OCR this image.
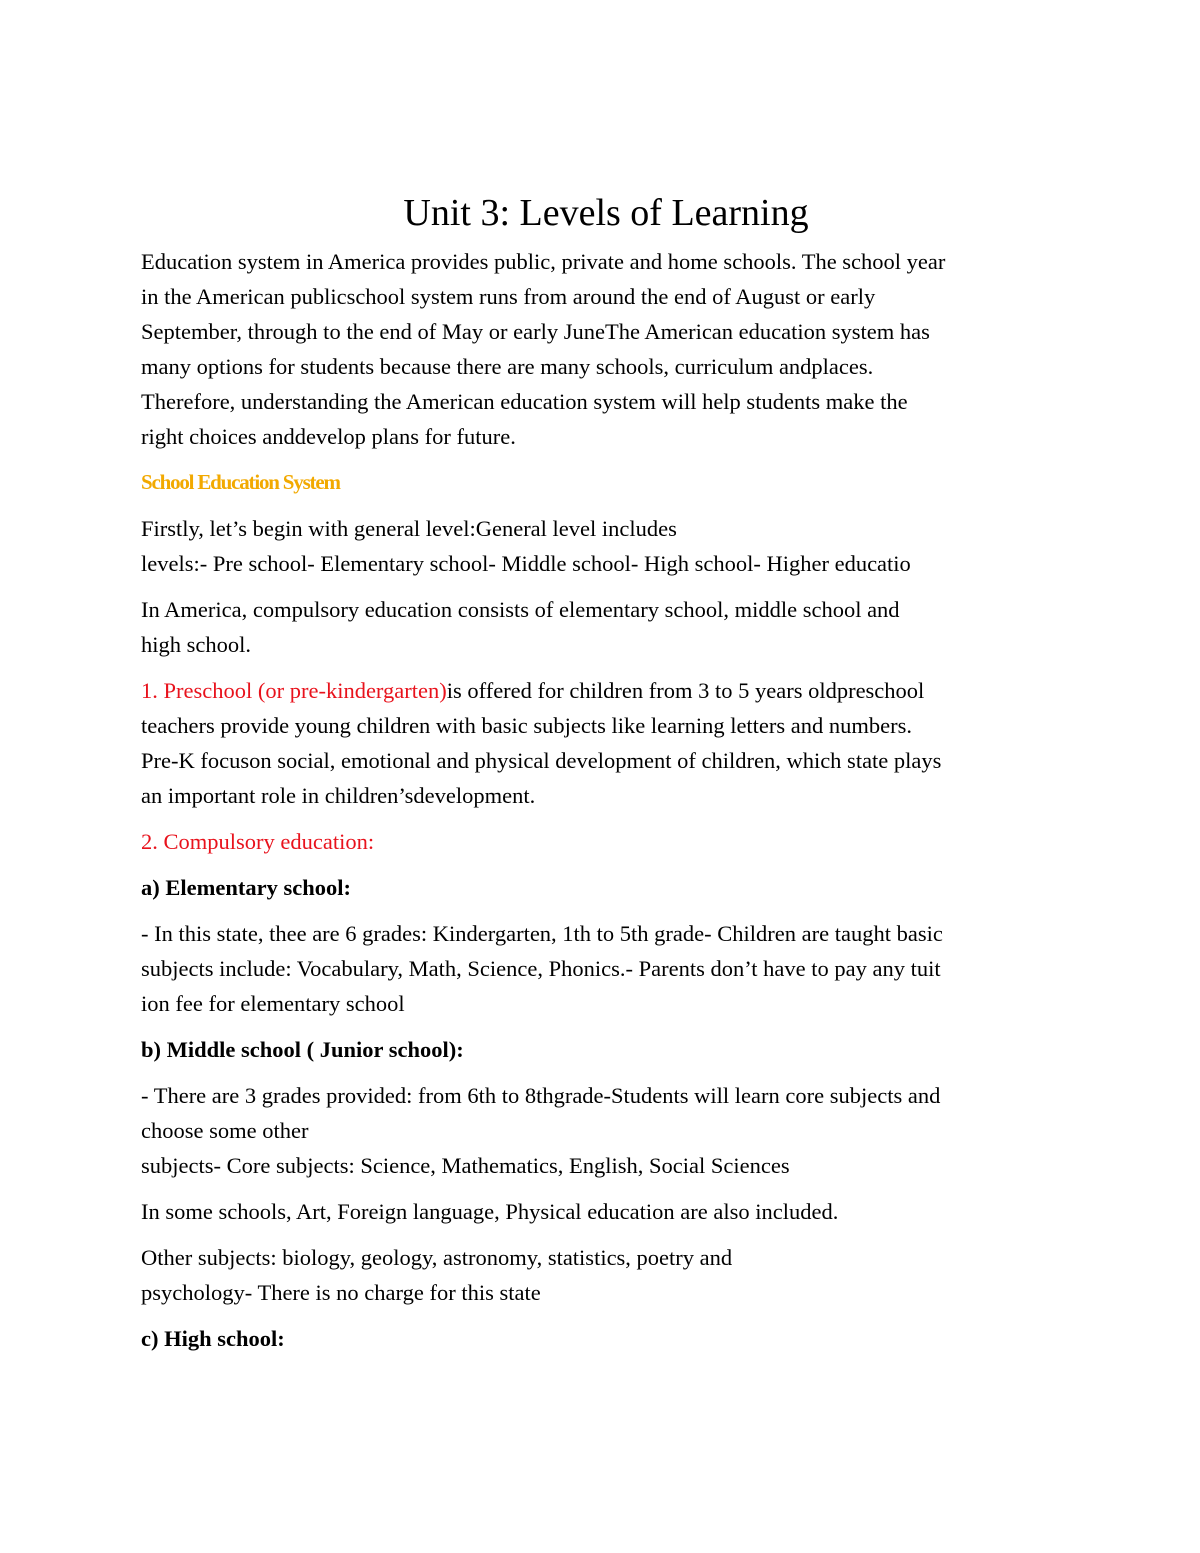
Unit 3: Levels of Learning

Education system in America provides public, private and home schools. The school year

in the American publicschool system runs from around the end of August or early

September, through to the end of May or early JuneThe American education system has

many options for students because there are many schools, curriculum andplaces.

Therefore, understanding the American education system will help students make the

right choices anddevelop plans for future.

School Education System

Firstly, let’s begin with general level:General level includes

levels:- Pre school- Elementary school- Middle school- High school- Higher educatio

In America, compulsory education consists of elementary school, middle school and

high school.

1. Preschool (or pre-kindergarten)is offered for children from 3 to 5 years oldpreschool

teachers provide young children with basic subjects like learning letters and numbers.

Pre-K focuson social, emotional and physical development of children, which state plays

an important role in children’sdevelopment.

2. Compulsory education:

a) Elementary school:

- In this state, thee are 6 grades: Kindergarten, 1th to 5th grade- Children are taught basic

subjects include: Vocabulary, Math, Science, Phonics.- Parents don’t have to pay any tuit

ion fee for elementary school

b) Middle school ( Junior school):

- There are 3 grades provided: from 6th to 8thgrade-Students will learn core subjects and

choose some other

subjects- Core subjects: Science, Mathematics, English, Social Sciences

In some schools, Art, Foreign language, Physical education are also included.

Other subjects: biology, geology, astronomy, statistics, poetry and

psychology- There is no charge for this state

c) High school:
